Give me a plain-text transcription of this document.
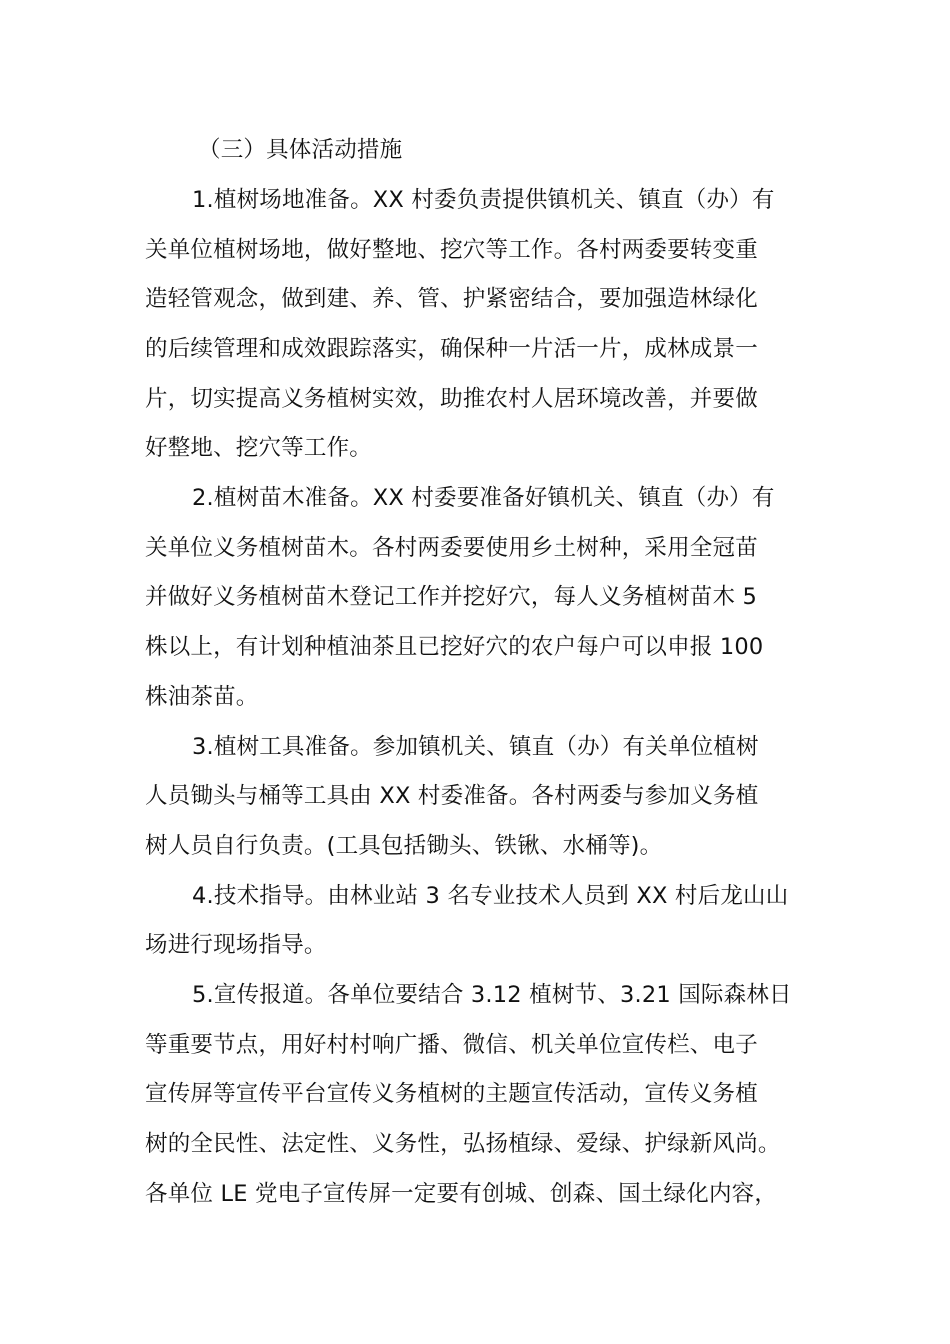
（三）具体活动措施
1.植树场地准备。XX 村委负责提供镇机关、镇直（办）有
关单位植树场地，做好整地、挖穴等工作。各村两委要转变重
造轻管观念，做到建、养、管、护紧密结合，要加强造林绿化
的后续管理和成效跟踪落实，确保种一片活一片，成林成景一
片，切实提高义务植树实效，助推农村人居环境改善，并要做
好整地、挖穴等工作。
2.植树苗木准备。XX 村委要准备好镇机关、镇直（办）有
关单位义务植树苗木。各村两委要使用乡土树种，采用全冠苗
并做好义务植树苗木登记工作并挖好穴，每人义务植树苗木 5
株以上，有计划种植油茶且已挖好穴的农户每户可以申报 100
株油茶苗。
3.植树工具准备。参加镇机关、镇直（办）有关单位植树
人员锄头与桶等工具由 XX 村委准备。各村两委与参加义务植
树人员自行负责。(工具包括锄头、铁锹、水桶等)。
4.技术指导。由林业站 3 名专业技术人员到 XX 村后龙山山
场进行现场指导。
5.宣传报道。各单位要结合 3.12 植树节、3.21 国际森林日
等重要节点，用好村村响广播、微信、机关单位宣传栏、电子
宣传屏等宣传平台宣传义务植树的主题宣传活动，宣传义务植
树的全民性、法定性、义务性，弘扬植绿、爱绿、护绿新风尚。
各单位 LE 党电子宣传屏一定要有创城、创森、国土绿化内容，
